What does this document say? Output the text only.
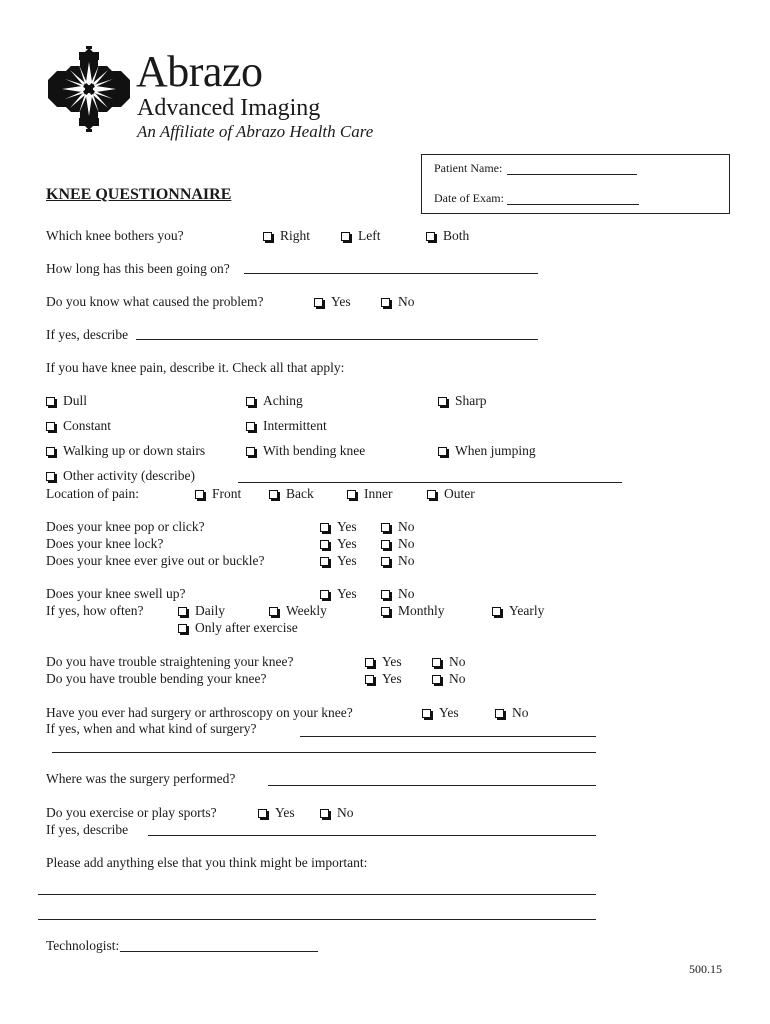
Abrazo
Advanced Imaging
An Affiliate of Abrazo Health Care
Patient Name:
Date of Exam:
KNEE QUESTIONNAIRE
Which knee bothers you?	Right	Left	Both
How long has this been going on?
Do you know what caused the problem?	Yes	No
If yes, describe
If you have knee pain, describe it. Check all that apply:
Dull	Aching	Sharp
Constant	Intermittent
Walking up or down stairs	With bending knee	When jumping
Other activity (describe)
Location of pain:	Front	Back	Inner	Outer
Does your knee pop or click?	Yes	No
Does your knee lock?	Yes	No
Does your knee ever give out or buckle?	Yes	No
Does your knee swell up?	Yes	No
If yes, how often?	Daily	Weekly	Monthly	Yearly
Only after exercise
Do you have trouble straightening your knee?	Yes	No
Do you have trouble bending your knee?	Yes	No
Have you ever had surgery or arthroscopy on your knee?	Yes	No
If yes, when and what kind of surgery?
Where was the surgery performed?
Do you exercise or play sports?	Yes	No
If yes, describe
Please add anything else that you think might be important:
Technologist:
500.15
